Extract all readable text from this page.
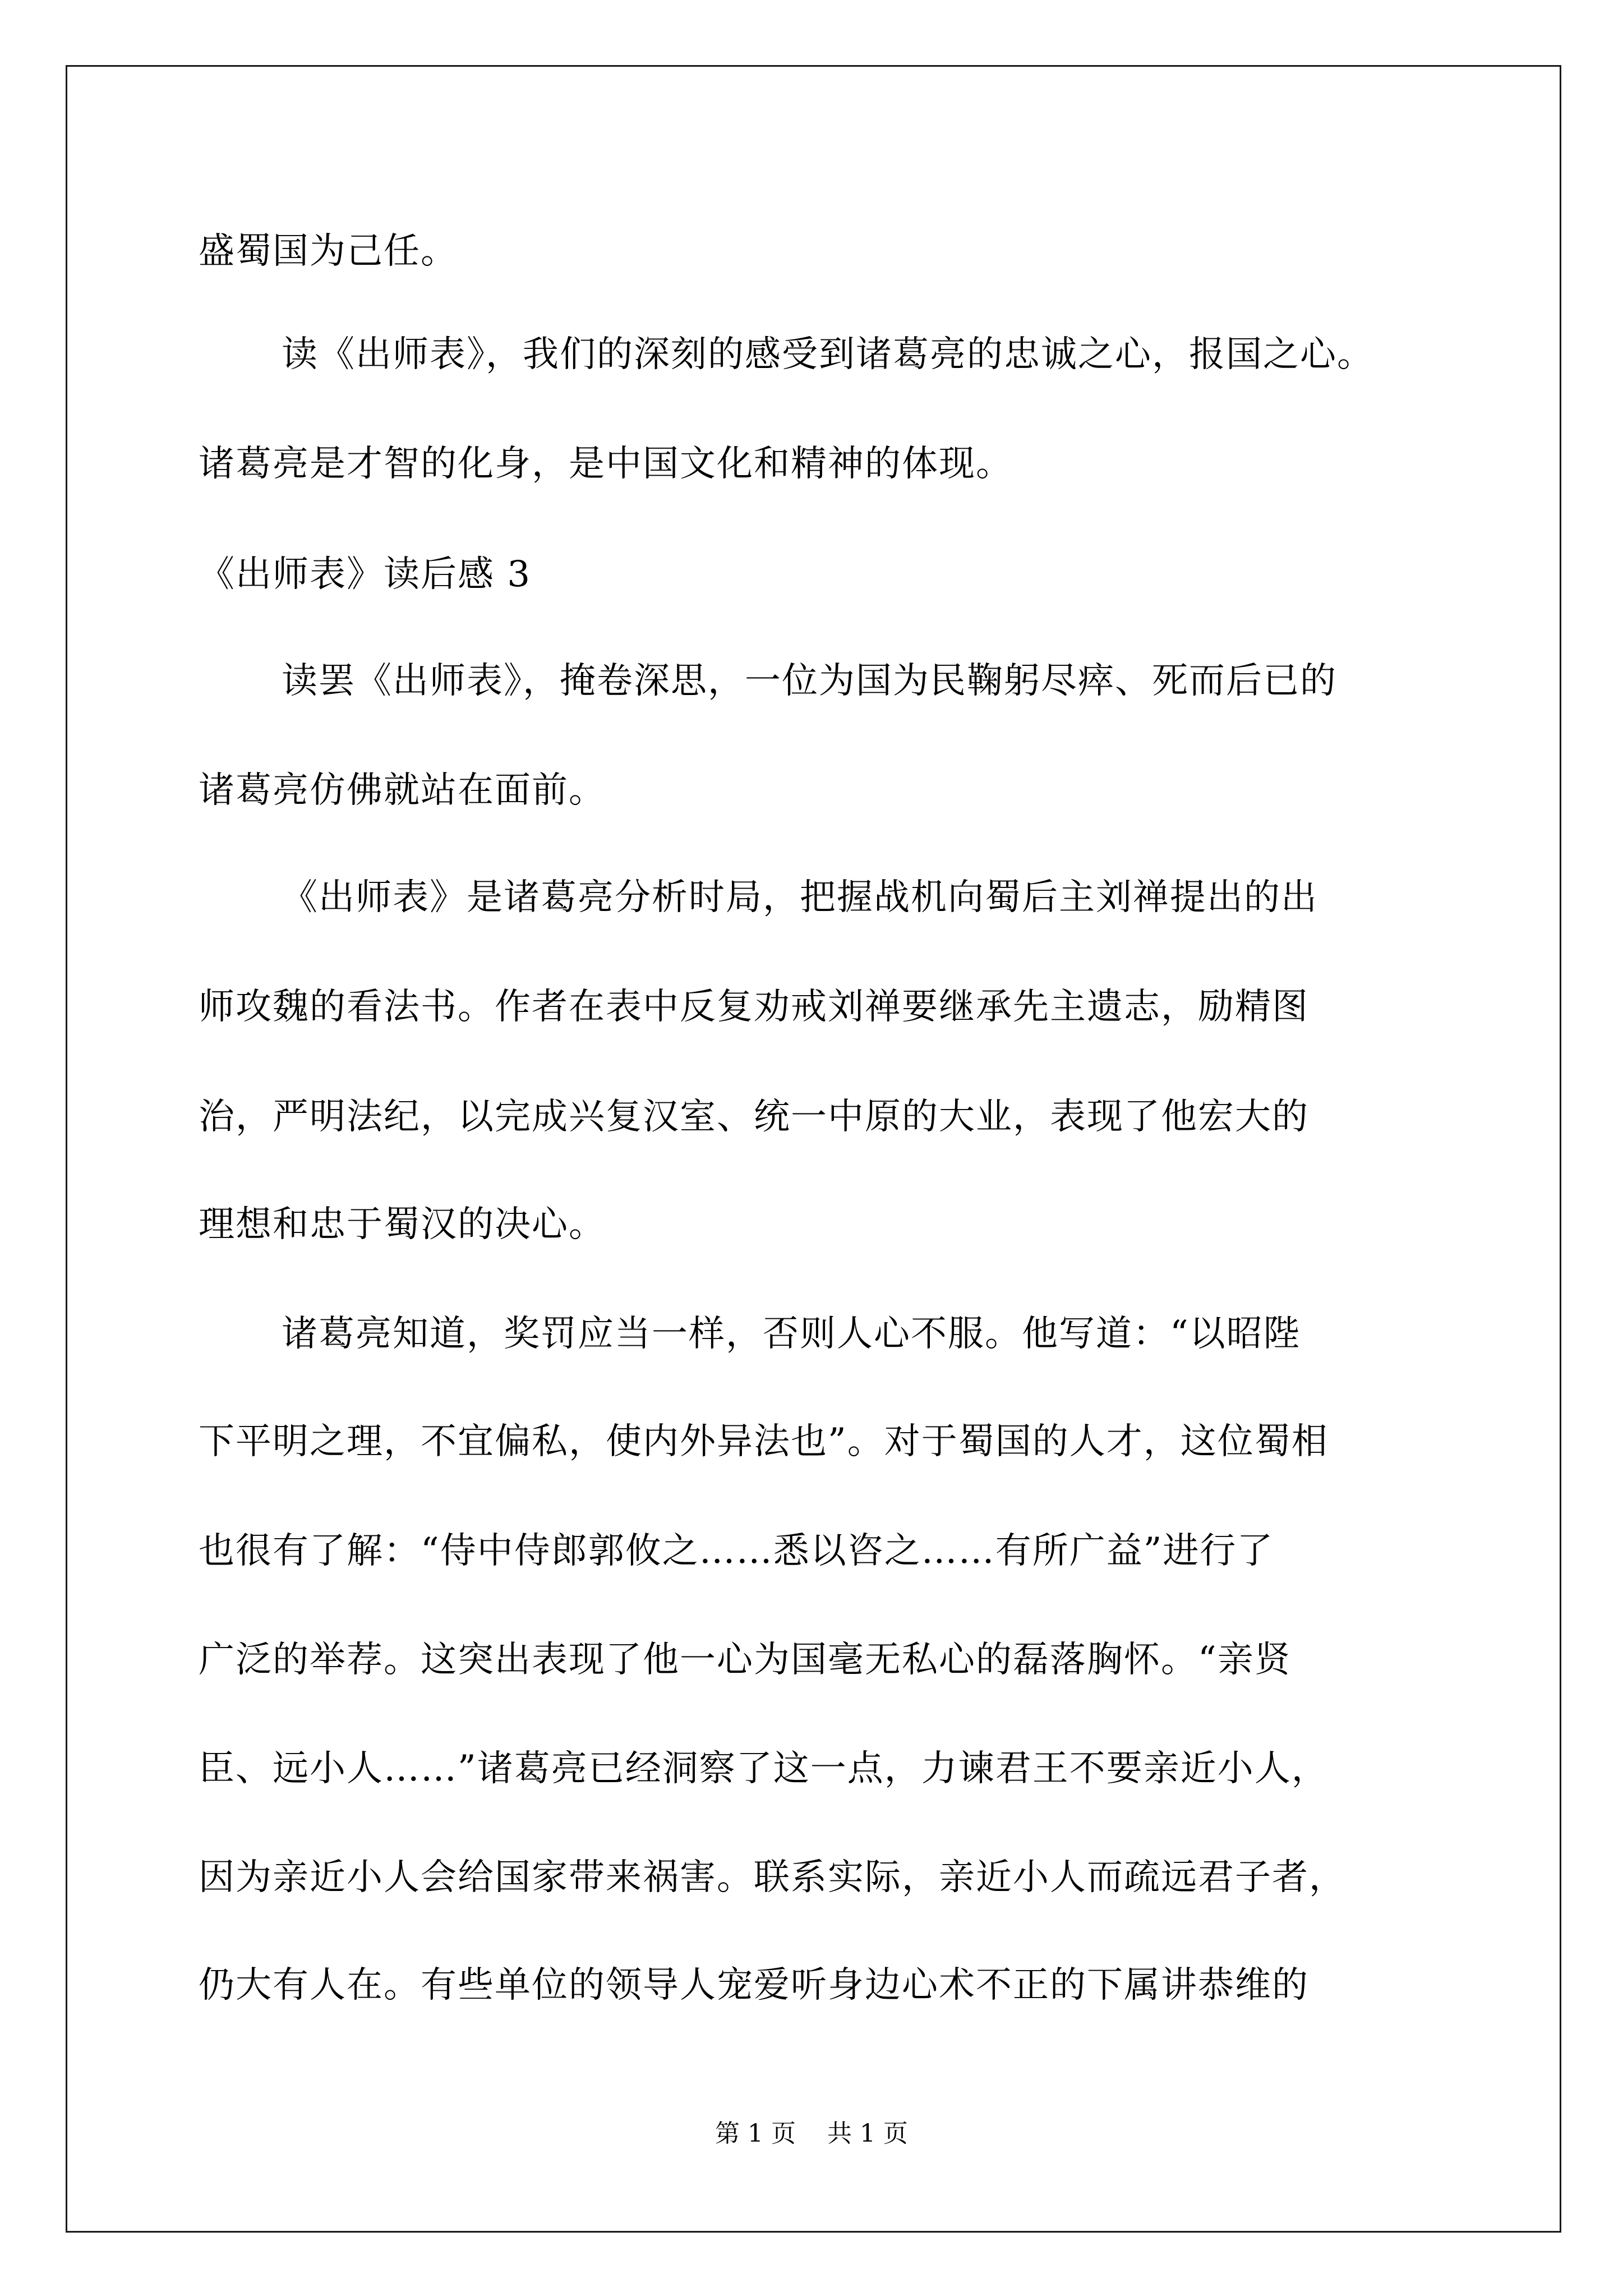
盛蜀国为己任。
读《出师表》，我们的深刻的感受到诸葛亮的忠诚之心，报国之心。
诸葛亮是才智的化身，是中国文化和精神的体现。
《出师表》读后感 3
读罢《出师表》，掩卷深思，一位为国为民鞠躬尽瘁、死而后已的
诸葛亮仿佛就站在面前。
《出师表》是诸葛亮分析时局，把握战机向蜀后主刘禅提出的出
师攻魏的看法书。作者在表中反复劝戒刘禅要继承先主遗志，励精图
治，严明法纪，以完成兴复汉室、统一中原的大业，表现了他宏大的
理想和忠于蜀汉的决心。
诸葛亮知道，奖罚应当一样，否则人心不服。他写道：“以昭陛
下平明之理，不宜偏私，使内外异法也”。对于蜀国的人才，这位蜀相
也很有了解：“侍中侍郎郭攸之……悉以咨之……有所广益”进行了
广泛的举荐。这突出表现了他一心为国毫无私心的磊落胸怀。“亲贤
臣、远小人……”诸葛亮已经洞察了这一点，力谏君王不要亲近小人，
因为亲近小人会给国家带来祸害。联系实际，亲近小人而疏远君子者，
仍大有人在。有些单位的领导人宠爱听身边心术不正的下属讲恭维的
第 1 页    共 1 页
